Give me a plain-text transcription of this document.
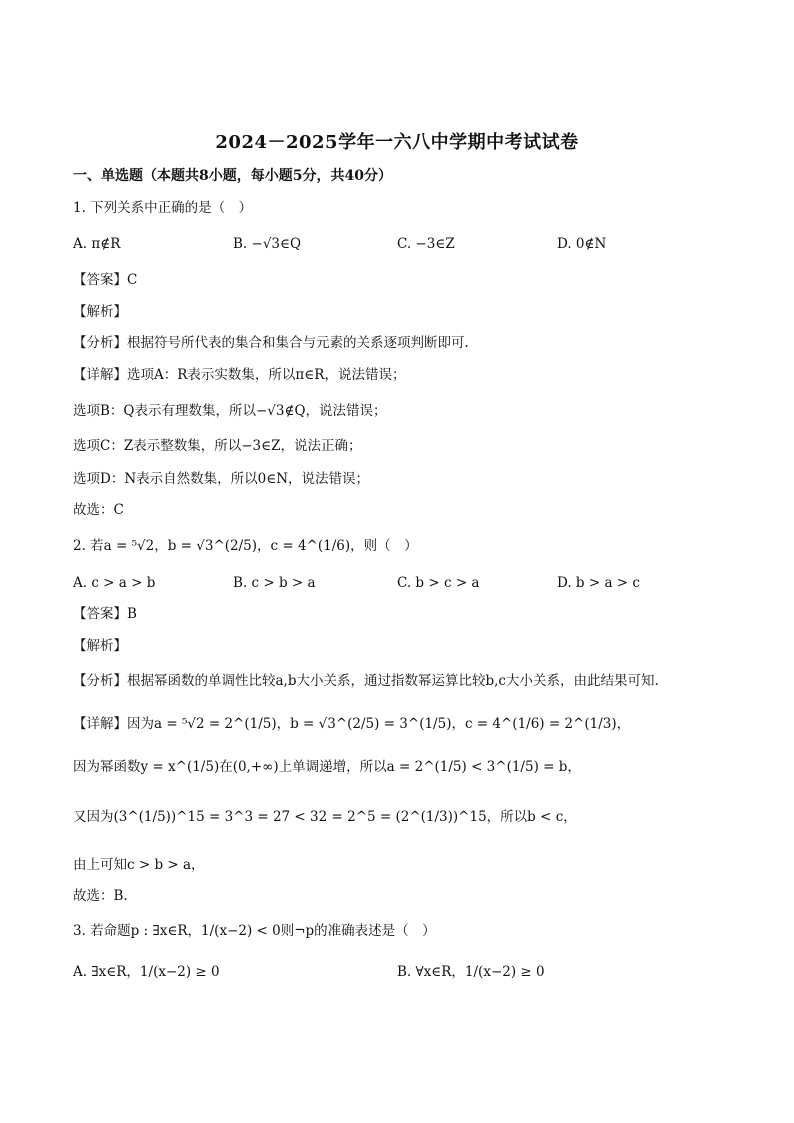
2024－2025学年一六八中学期中考试试卷
一、单选题（本题共8小题，每小题5分，共40分）
1. 下列关系中正确的是（　）
A. π∉R	B. −√3∈Q	C. −3∈Z	D. 0∉N
【答案】C
【解析】
【分析】根据符号所代表的集合和集合与元素的关系逐项判断即可.
【详解】选项A：R表示实数集，所以π∈R，说法错误；
选项B：Q表示有理数集，所以−√3∉Q，说法错误；
选项C：Z表示整数集，所以−3∈Z，说法正确；
选项D：N表示自然数集，所以0∈N，说法错误；
故选：C
2. 若a = ⁵√2，b = √3^(2/5)，c = 4^(1/6)，则（　）
A. c > a > b	B. c > b > a	C. b > c > a	D. b > a > c
【答案】B
【解析】
【分析】根据幂函数的单调性比较a,b大小关系，通过指数幂运算比较b,c大小关系，由此结果可知.
【详解】因为a = ⁵√2 = 2^(1/5)，b = √3^(2/5) = 3^(1/5)，c = 4^(1/6) = 2^(1/3)，
因为幂函数y = x^(1/5)在(0,+∞)上单调递增，所以a = 2^(1/5) < 3^(1/5) = b，
又因为(3^(1/5))^15 = 3^3 = 27 < 32 = 2^5 = (2^(1/3))^15，所以b < c，
由上可知c > b > a，
故选：B.
3. 若命题p : ∃x∈R，1/(x−2) < 0则¬p的准确表述是（　）
A. ∃x∈R，1/(x−2) ≥ 0	B. ∀x∈R，1/(x−2) ≥ 0
